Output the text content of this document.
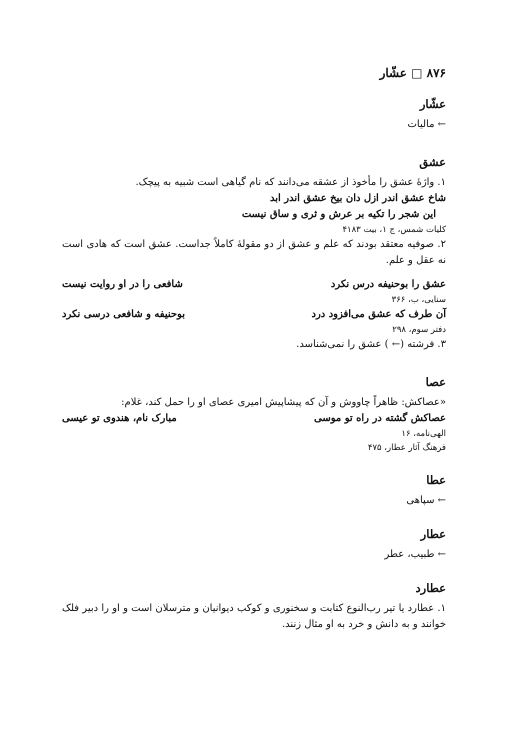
۸۷۶ □ عشّار
عشّار
← مالیات
عشق
۱. واژهٔ عشق را مأخوذ از عشقه می‌دانند که نام گیاهی است شبیه به پیچک.
شاخ عشق اندر ازل دان بیخ عشق اندر ابد
این شجر را تکیه بر عرش و ثری و ساق نیست
کلیات شمس، ج ۱، بیت ۴۱۸۳
۲. صوفیه معتقد بودند که علم و عشق از دو مقولهٔ کاملاً جداست. عشق است که هادی است نه عقل و علم.
عشق را بوحنیفه درس نکرد
شافعی را در او روایت نیست
سنایی، ب، ۳۶۶
آن طرف که عشق می‌افزود درد
بوحنیفه و شافعی درسی نکرد
دفتر سوم، ۲۹۸
۳. فرشته (← ) عشق را نمی‌شناسد.
عصا
«عصاکش: ظاهراً چاووش و آن که پیشاپیش امیری عصای او را حمل کند، غلام:
عصاکش گشته در راه تو موسی
مبارک نام، هندوی تو عیسی
الهی‌نامه، ۱۶
فرهنگ آثار عطار، ۴۷۵
عطا
← سپاهی
عطار
← طبیب، عطر
عطارد
۱. عطارد یا تیر رب‌النوع کتابت و سخنوری و کوکب دیوانیان و مترسلان است و او را دبیر فلک خوانند و به دانش و خرد به او مثال زنند.
